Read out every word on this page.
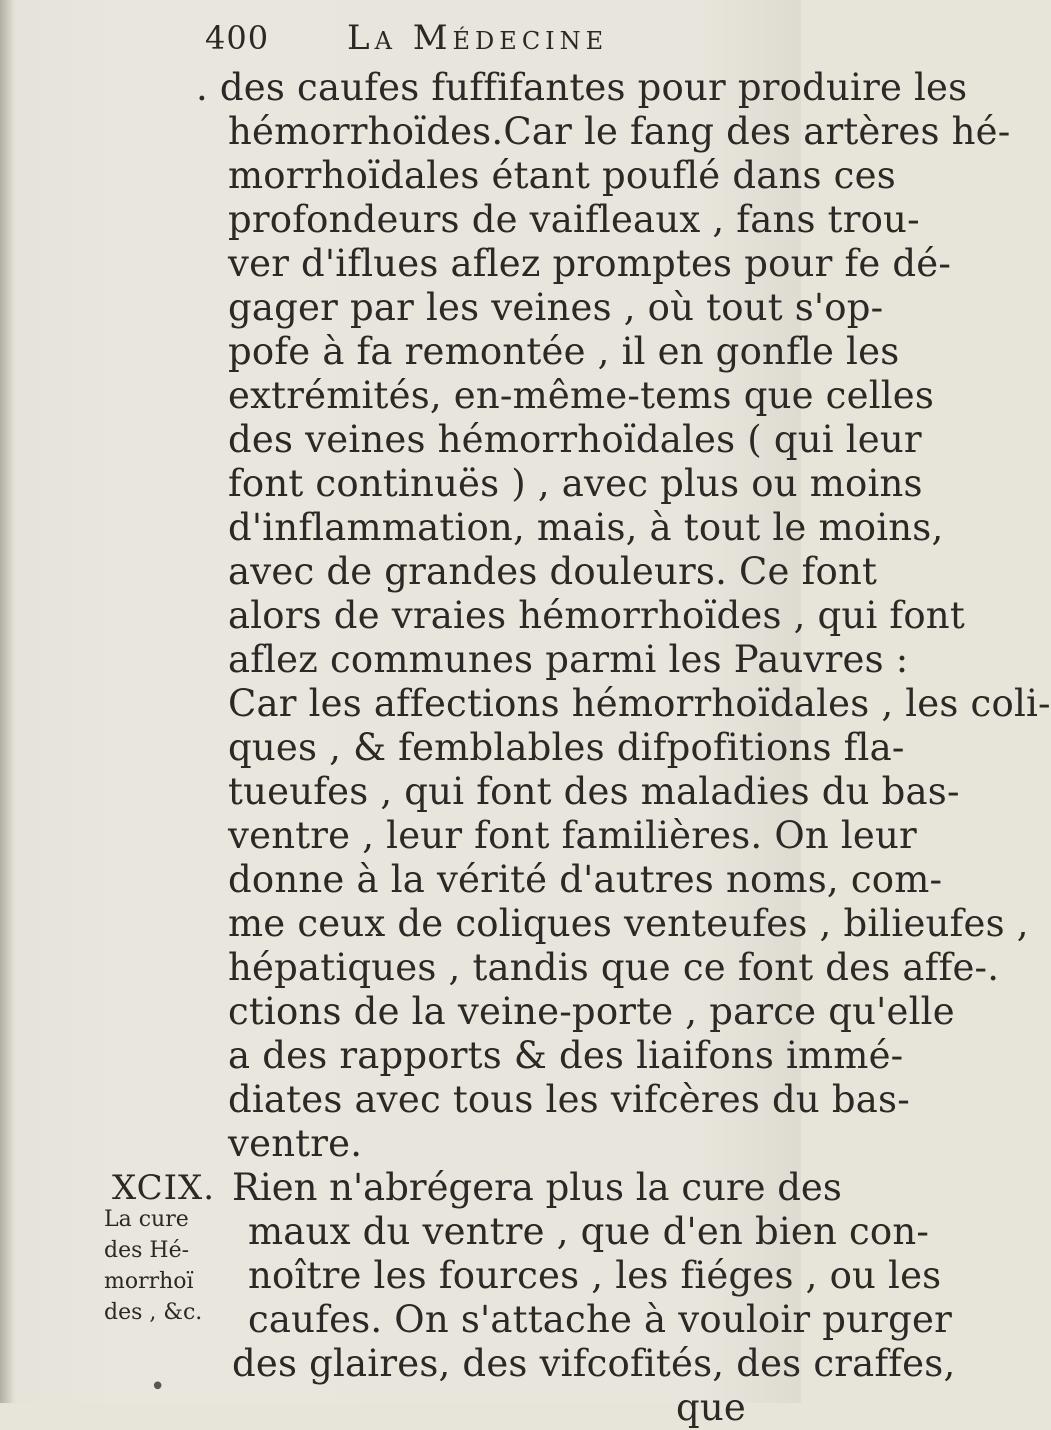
400 La Médecine
. des caufes fuffifantes pour produire les
hémorrhoïdes.Car le fang des artères hé-
morrhoïdales étant pouflé dans ces
profondeurs de vaifleaux , fans trou-
ver d'iflues aflez promptes pour fe dé-
gager par les veines , où tout s'op-
pofe à fa remontée , il en gonfle les
extrémités, en-même-tems que celles
des veines hémorrhoïdales ( qui leur
font continuës ) , avec plus ou moins
d'inflammation, mais, à tout le moins,
avec de grandes douleurs. Ce font
alors de vraies hémorrhoïdes , qui font
aflez communes parmi les Pauvres :
Car les affections hémorrhoïdales , les coli-
ques , & femblables difpofitions fla-
tueufes , qui font des maladies du bas-
ventre , leur font familières. On leur
donne à la vérité d'autres noms, com-
me ceux de coliques venteufes , bilieufes ,
hépatiques , tandis que ce font des affe-.
ctions de la veine-porte , parce qu'elle
a des rapports & des liaifons immé-
diates avec tous les vifcères du bas-
ventre.
XCIX. Rien n'abrégera plus la cure des
La cure
des Hé-
morrhoï
des , &c.
•
maux du ventre , que d'en bien con-
noître les fources , les fiéges , ou les
caufes. On s'attache à vouloir purger
des glaires, des vifcofités, des craffes,
que
